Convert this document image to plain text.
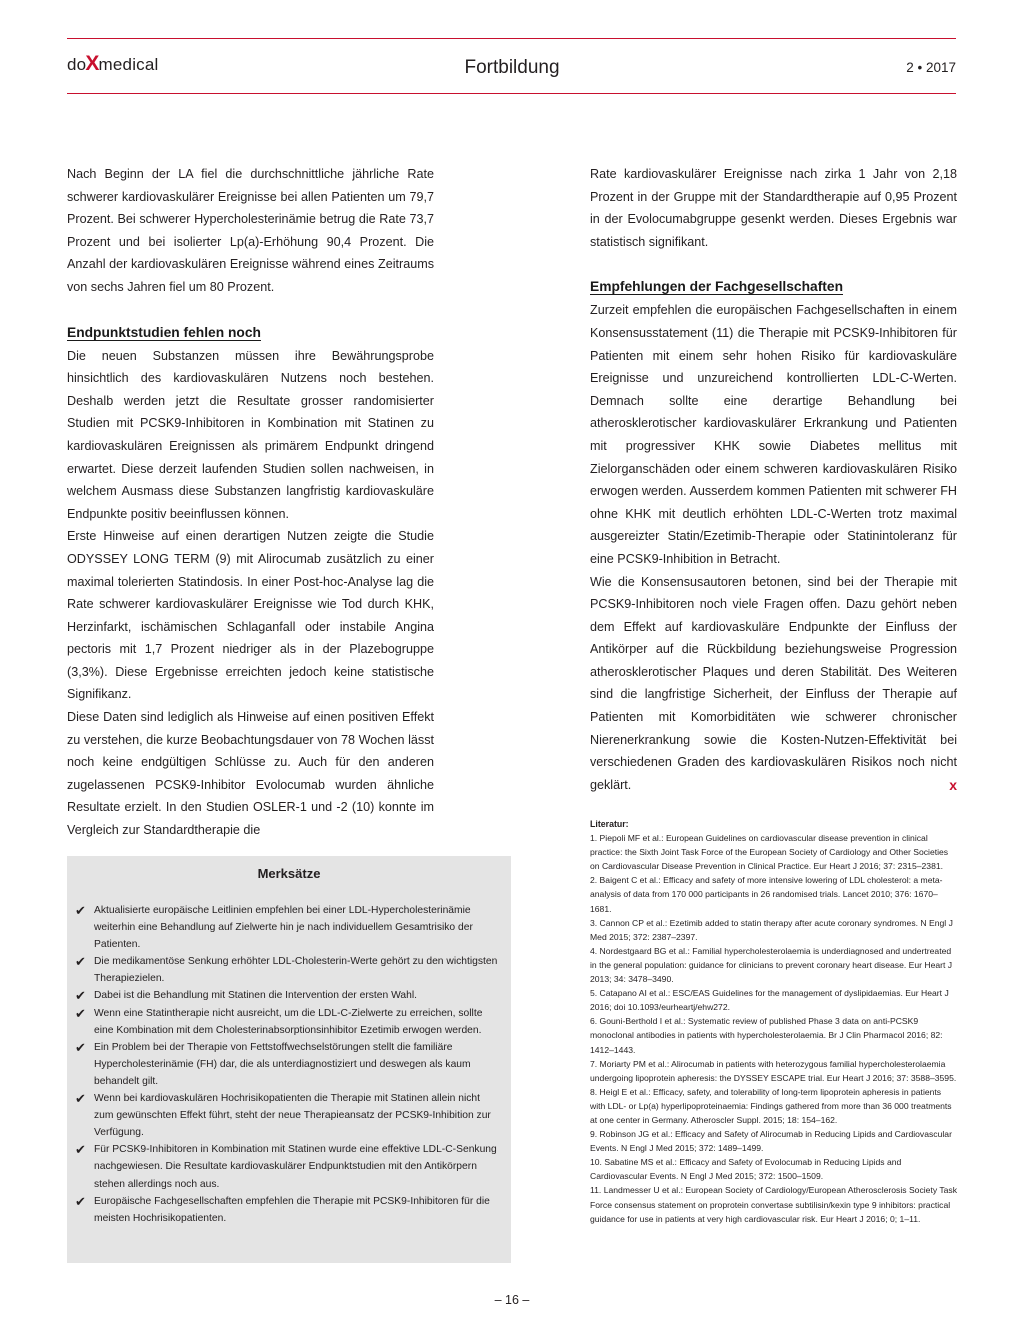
doXmedical	Fortbildung	2 • 2017

Nach Beginn der LA fiel die durchschnittliche jährliche Rate schwerer kardiovaskulärer Ereignisse bei allen Patienten um 79,7 Prozent. Bei schwerer Hypercholesterinämie betrug die Rate 73,7 Prozent und bei isolierter Lp(a)-Erhöhung 90,4 Prozent. Die Anzahl der kardiovaskulären Ereignisse während eines Zeitraums von sechs Jahren fiel um 80 Prozent.

Endpunktstudien fehlen noch

Die neuen Substanzen müssen ihre Bewährungsprobe hinsichtlich des kardiovaskulären Nutzens noch bestehen. Deshalb werden jetzt die Resultate grosser randomisierter Studien mit PCSK9-Inhibitoren in Kombination mit Statinen zu kardiovaskulären Ereignissen als primärem Endpunkt dringend erwartet. Diese derzeit laufenden Studien sollen nachweisen, in welchem Ausmass diese Substanzen langfristig kardiovaskuläre Endpunkte positiv beeinflussen können.

Erste Hinweise auf einen derartigen Nutzen zeigte die Studie ODYSSEY LONG TERM (9) mit Alirocumab zusätzlich zu einer maximal tolerierten Statindosis. In einer Post-hoc-Analyse lag die Rate schwerer kardiovaskulärer Ereignisse wie Tod durch KHK, Herzinfarkt, ischämischen Schlaganfall oder instabile Angina pectoris mit 1,7 Prozent niedriger als in der Plazebogruppe (3,3%). Diese Ergebnisse erreichten jedoch keine statistische Signifikanz.

Diese Daten sind lediglich als Hinweise auf einen positiven Effekt zu verstehen, die kurze Beobachtungsdauer von 78 Wochen lässt noch keine endgültigen Schlüsse zu. Auch für den anderen zugelassenen PCSK9-Inhibitor Evolocumab wurden ähnliche Resultate erzielt. In den Studien OSLER-1 und -2 (10) konnte im Vergleich zur Standardtherapie die

Rate kardiovaskulärer Ereignisse nach zirka 1 Jahr von 2,18 Prozent in der Gruppe mit der Standardtherapie auf 0,95 Prozent in der Evolocumabgruppe gesenkt werden. Dieses Ergebnis war statistisch signifikant.

Empfehlungen der Fachgesellschaften

Zurzeit empfehlen die europäischen Fachgesellschaften in einem Konsensusstatement (11) die Therapie mit PCSK9-Inhibitoren für Patienten mit einem sehr hohen Risiko für kardiovaskuläre Ereignisse und unzureichend kontrollierten LDL-C-Werten. Demnach sollte eine derartige Behandlung bei atherosklerotischer kardiovaskulärer Erkrankung und Patienten mit progressiver KHK sowie Diabetes mellitus mit Zielorganschäden oder einem schweren kardiovaskulären Risiko erwogen werden. Ausserdem kommen Patienten mit schwerer FH ohne KHK mit deutlich erhöhten LDL-C-Werten trotz maximal ausgereizter Statin/Ezetimib-Therapie oder Statinintoleranz für eine PCSK9-Inhibition in Betracht.

Wie die Konsensusautoren betonen, sind bei der Therapie mit PCSK9-Inhibitoren noch viele Fragen offen. Dazu gehört neben dem Effekt auf kardiovaskuläre Endpunkte der Einfluss der Antikörper auf die Rückbildung beziehungsweise Progression atherosklerotischer Plaques und deren Stabilität. Des Weiteren sind die langfristige Sicherheit, der Einfluss der Therapie auf Patienten mit Komorbiditäten wie schwerer chronischer Nierenerkrankung sowie die Kosten-Nutzen-Effektivität bei verschiedenen Graden des kardiovaskulären Risikos noch nicht geklärt.	x

Merksätze
✔ Aktualisierte europäische Leitlinien empfehlen bei einer LDL-Hypercholesterinämie weiterhin eine Behandlung auf Zielwerte hin je nach individuellem Gesamtrisiko der Patienten.
✔ Die medikamentöse Senkung erhöhter LDL-Cholesterin-Werte gehört zu den wichtigsten Therapiezielen.
✔ Dabei ist die Behandlung mit Statinen die Intervention der ersten Wahl.
✔ Wenn eine Statintherapie nicht ausreicht, um die LDL-C-Zielwerte zu erreichen, sollte eine Kombination mit dem Cholesterinabsorptionsinhibitor Ezetimib erwogen werden.
✔ Ein Problem bei der Therapie von Fettstoffwechselstörungen stellt die familiäre Hypercholesterinämie (FH) dar, die als unterdiagnostiziert und deswegen als kaum behandelt gilt.
✔ Wenn bei kardiovaskulären Hochrisikopatienten die Therapie mit Statinen allein nicht zum gewünschten Effekt führt, steht der neue Therapieansatz der PCSK9-Inhibition zur Verfügung.
✔ Für PCSK9-Inhibitoren in Kombination mit Statinen wurde eine effektive LDL-C-Senkung nachgewiesen. Die Resultate kardiovaskulärer Endpunktstudien mit den Antikörpern stehen allerdings noch aus.
✔ Europäische Fachgesellschaften empfehlen die Therapie mit PCSK9-Inhibitoren für die meisten Hochrisikopatienten.
Literatur:

1. Piepoli MF et al.: European Guidelines on cardiovascular disease prevention in clinical practice: the Sixth Joint Task Force of the European Society of Cardiology and Other Societies on Cardiovascular Disease Prevention in Clinical Practice. Eur Heart J 2016; 37: 2315–2381.

2. Baigent C et al.: Efficacy and safety of more intensive lowering of LDL cholesterol: a meta-analysis of data from 170 000 participants in 26 randomised trials. Lancet 2010; 376: 1670–1681.

3. Cannon CP et al.: Ezetimib added to statin therapy after acute coronary syndromes. N Engl J Med 2015; 372: 2387–2397.

4. Nordestgaard BG et al.: Familial hypercholesterolaemia is underdiagnosed and undertreated in the general population: guidance for clinicians to prevent coronary heart disease. Eur Heart J 2013; 34: 3478–3490.

5. Catapano AI et al.: ESC/EAS Guidelines for the management of dyslipidaemias. Eur Heart J 2016; doi 10.1093/eurheartj/ehw272.

6. Gouni-Berthold I et al.: Systematic review of published Phase 3 data on anti-PCSK9 monoclonal antibodies in patients with hypercholesterolaemia. Br J Clin Pharmacol 2016; 82: 1412–1443.

7. Moriarty PM et al.: Alirocumab in patients with heterozygous familial hypercholesterolaemia undergoing lipoprotein apheresis: the DYSSEY ESCAPE trial. Eur Heart J 2016; 37: 3588–3595.

8. Heigl E et al.: Efficacy, safety, and tolerability of long-term lipoprotein apheresis in patients with LDL- or Lp(a) hyperlipoproteinaemia: Findings gathered from more than 36 000 treatments at one center in Germany. Atheroscler Suppl. 2015; 18: 154–162.

9. Robinson JG et al.: Efficacy and Safety of Alirocumab in Reducing Lipids and Cardiovascular Events. N Engl J Med 2015; 372: 1489–1499.

10. Sabatine MS et al.: Efficacy and Safety of Evolocumab in Reducing Lipids and Cardiovascular Events. N Engl J Med 2015; 372: 1500–1509.

11. Landmesser U et al.: European Society of Cardiology/European Atherosclerosis Society Task Force consensus statement on proprotein convertase subtilisin/kexin type 9 inhibitors: practical guidance for use in patients at very high cardiovascular risk. Eur Heart J 2016; 0; 1–11.

– 16 –
